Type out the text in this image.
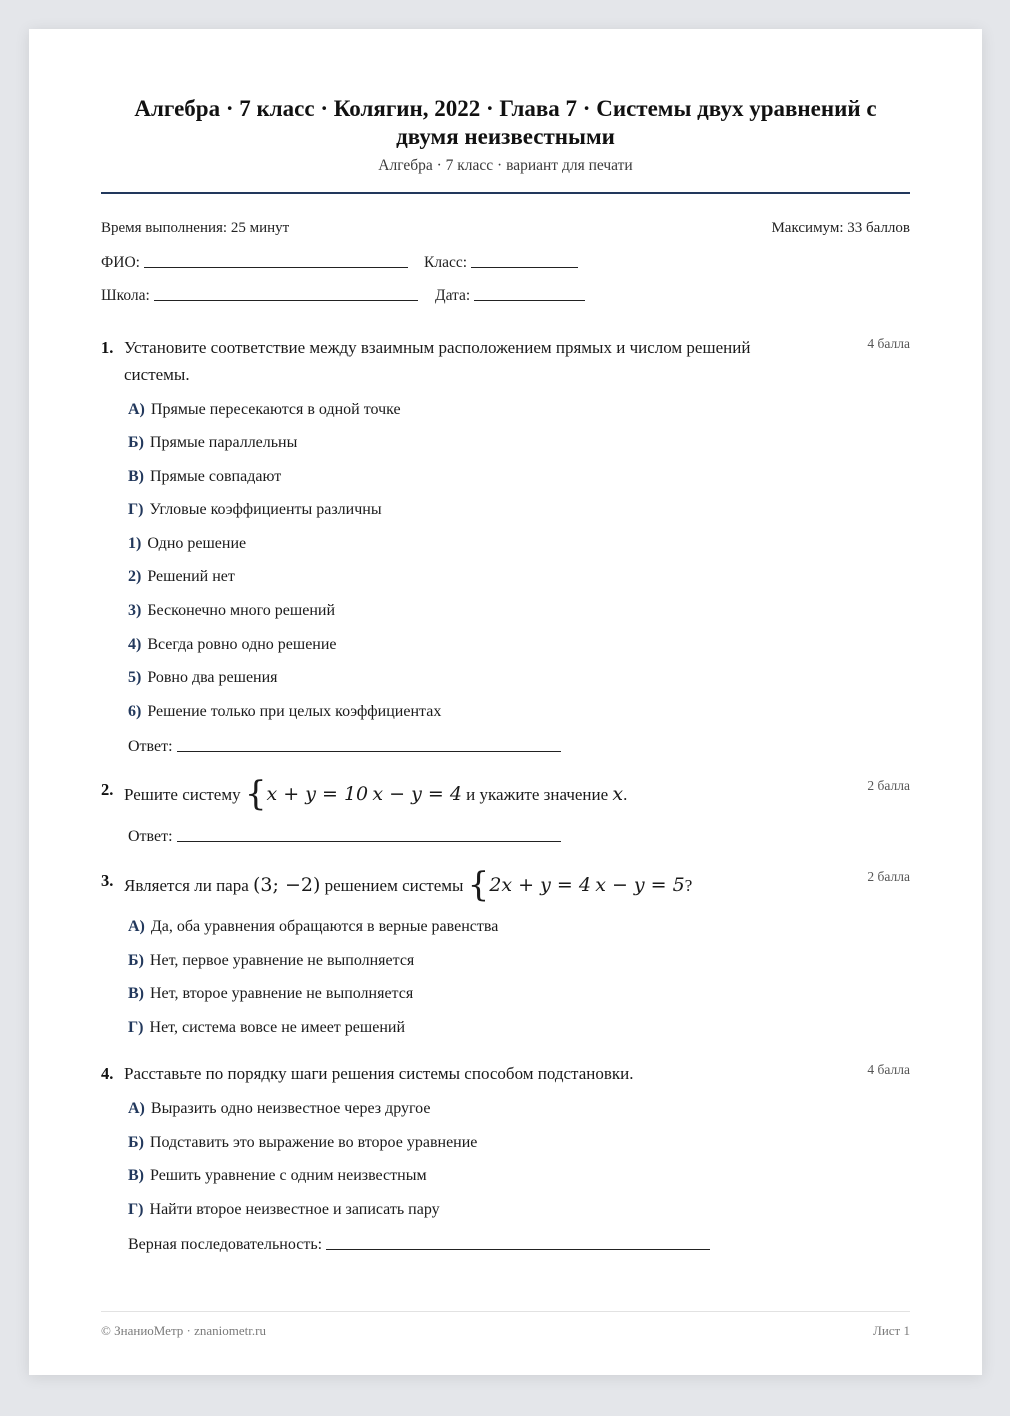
Алгебра · 7 класс · Колягин, 2022 · Глава 7 · Системы двух уравнений с двумя неизвестными
Алгебра · 7 класс · вариант для печати
Время выполнения: 25 минут	Максимум: 33 баллов
ФИО:	Класс:
Школа:	Дата:
1. Установите соответствие между взаимным расположением прямых и числом решений системы.
4 балла
А) Прямые пересекаются в одной точке
Б) Прямые параллельны
В) Прямые совпадают
Г) Угловые коэффициенты различны
1) Одно решение
2) Решений нет
3) Бесконечно много решений
4) Всегда ровно одно решение
5) Ровно два решения
6) Решение только при целых коэффициентах
Ответ:
2. Решите систему {x + y = 10 x − y = 4 и укажите значение x.	2 балла
Ответ:
3. Является ли пара (3; −2) решением системы {2x + y = 4 x − y = 5?	2 балла
А) Да, оба уравнения обращаются в верные равенства
Б) Нет, первое уравнение не выполняется
В) Нет, второе уравнение не выполняется
Г) Нет, система вовсе не имеет решений
4. Расставьте по порядку шаги решения системы способом подстановки.	4 балла
А) Выразить одно неизвестное через другое
Б) Подставить это выражение во второе уравнение
В) Решить уравнение с одним неизвестным
Г) Найти второе неизвестное и записать пару
Верная последовательность:
© ЗнаниоМетр · znaniometr.ru	Лист 1
